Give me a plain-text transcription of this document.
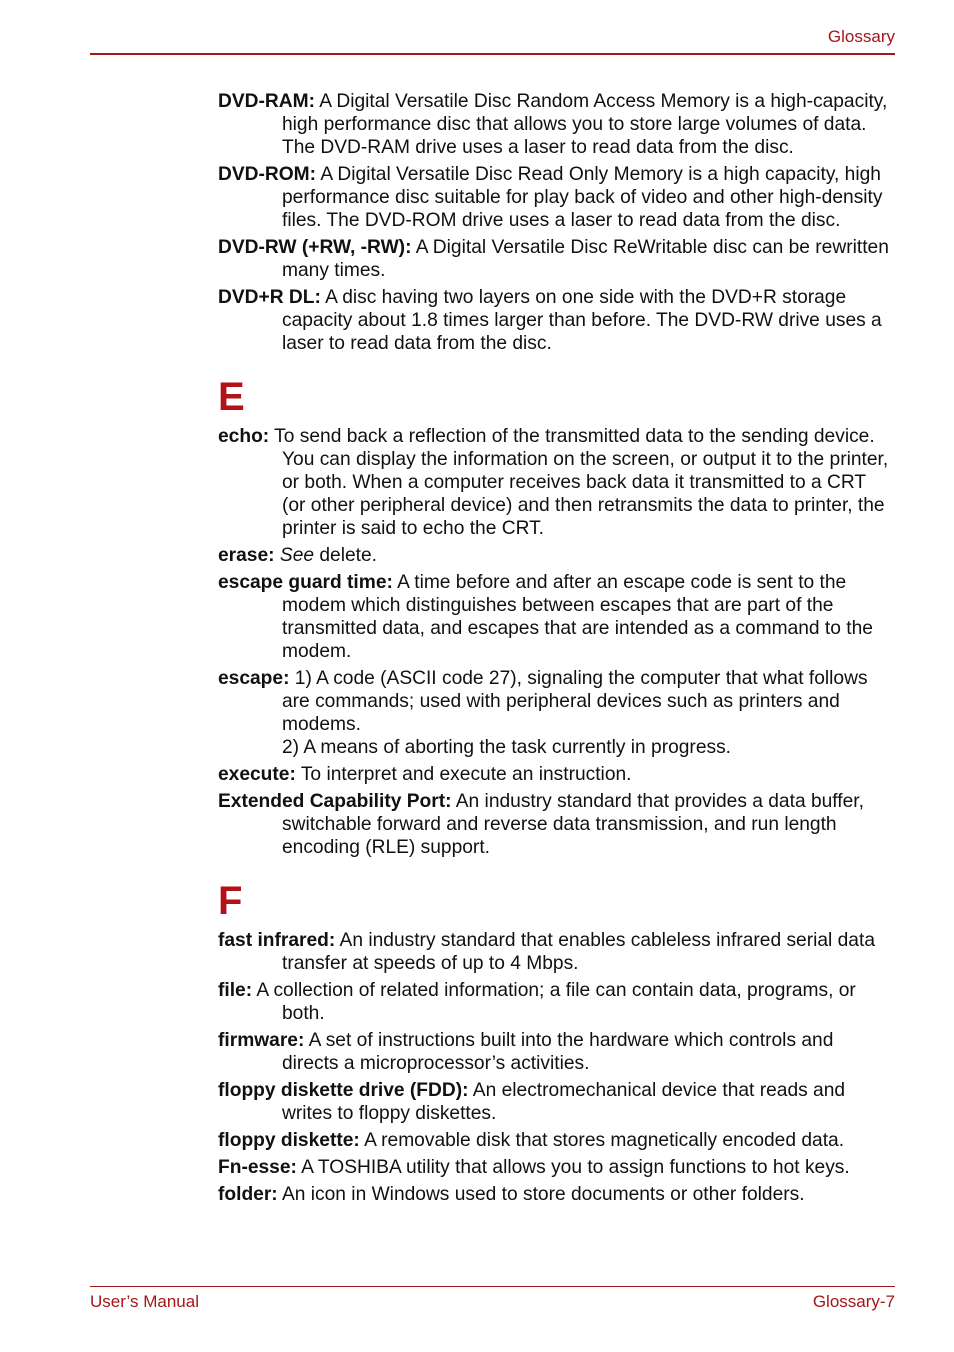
Glossary
DVD-RAM: A Digital Versatile Disc Random Access Memory is a high-capacity, high performance disc that allows you to store large volumes of data. The DVD-RAM drive uses a laser to read data from the disc.
DVD-ROM: A Digital Versatile Disc Read Only Memory is a high capacity, high performance disc suitable for play back of video and other high-density files. The DVD-ROM drive uses a laser to read data from the disc.
DVD-RW (+RW, -RW): A Digital Versatile Disc ReWritable disc can be rewritten many times.
DVD+R DL: A disc having two layers on one side with the DVD+R storage capacity about 1.8 times larger than before. The DVD-RW drive uses a laser to read data from the disc.
E
echo: To send back a reflection of the transmitted data to the sending device. You can display the information on the screen, or output it to the printer, or both. When a computer receives back data it transmitted to a CRT (or other peripheral device) and then retransmits the data to printer, the printer is said to echo the CRT.
erase: See delete.
escape guard time: A time before and after an escape code is sent to the modem which distinguishes between escapes that are part of the transmitted data, and escapes that are intended as a command to the modem.
escape: 1) A code (ASCII code 27), signaling the computer that what follows are commands; used with peripheral devices such as printers and modems.
2) A means of aborting the task currently in progress.
execute: To interpret and execute an instruction.
Extended Capability Port: An industry standard that provides a data buffer, switchable forward and reverse data transmission, and run length encoding (RLE) support.
F
fast infrared: An industry standard that enables cableless infrared serial data transfer at speeds of up to 4 Mbps.
file: A collection of related information; a file can contain data, programs, or both.
firmware: A set of instructions built into the hardware which controls and directs a microprocessor’s activities.
floppy diskette drive (FDD): An electromechanical device that reads and writes to floppy diskettes.
floppy diskette: A removable disk that stores magnetically encoded data.
Fn-esse: A TOSHIBA utility that allows you to assign functions to hot keys.
folder: An icon in Windows used to store documents or other folders.
User’s Manual	Glossary-7
